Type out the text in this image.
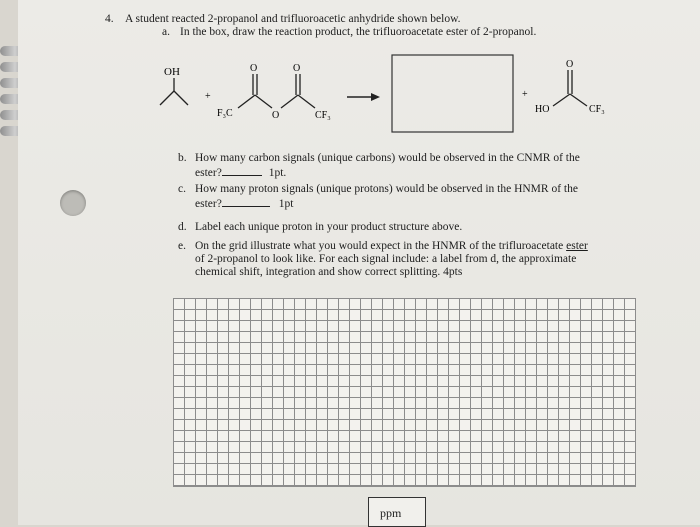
4. A student reacted 2-propanol and trifluoroacetic anhydride shown below.
a. In the box, draw the reaction product, the trifluoroacetate ester of 2-propanol.
OH
+
O	O
F₃C	O	CF₃
+
O
HO	CF₃
b. How many carbon signals (unique carbons) would be observed in the CNMR of the
ester?	1pt.
c. How many proton signals (unique protons) would be observed in the HNMR of the
ester?	1pt
d. Label each unique proton in your product structure above.
e. On the grid illustrate what you would expect in the HNMR of the trifluroacetate ester
of 2-propanol to look like. For each signal include: a label from d, the approximate
chemical shift, integration and show correct splitting. 4pts
ppm
